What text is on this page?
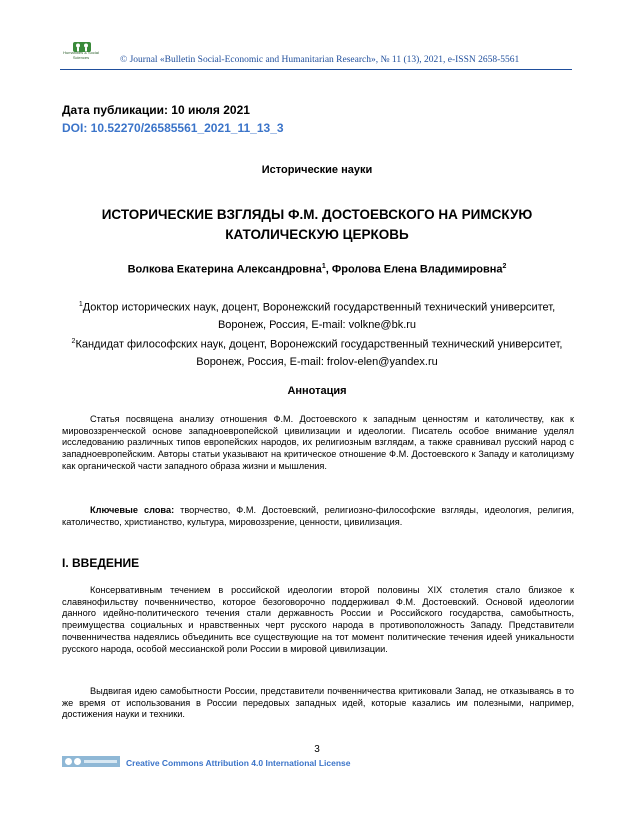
Humanities & Social Sciences	© Journal «Bulletin Social-Economic and Humanitarian Research», № 11 (13), 2021, e-ISSN 2658-5561
Дата публикации: 10 июля 2021
DOI: 10.52270/26585561_2021_11_13_3
Исторические науки
ИСТОРИЧЕСКИЕ ВЗГЛЯДЫ Ф.М. ДОСТОЕВСКОГО НА РИМСКУЮ
КАТОЛИЧЕСКУЮ ЦЕРКОВЬ
Волкова Екатерина Александровна$^1$, Фролова Елена Владимировна$^2$
$^1$Доктор исторических наук, доцент, Воронежский государственный технический университет,
Воронеж, Россия, E-mail: volkne@bk.ru
$^2$Кандидат философских наук, доцент, Воронежский государственный технический университет,
Воронеж, Россия, E-mail: frolov-elen@yandex.ru
Аннотация
Статья посвящена анализу отношения Ф.М. Достоевского к западным ценностям и католичеству, как к мировоззренческой основе западноевропейской цивилизации и идеологии. Писатель особое внимание уделял исследованию различных типов европейских народов, их религиозным взглядам, а также сравнивал русский народ с западноевропейским. Авторы статьи указывают на критическое отношение Ф.М. Достоевского к Западу и католицизму как органической части западного образа жизни и мышления.
Ключевые слова: творчество, Ф.М. Достоевский, религиозно-философские взгляды, идеология, религия, католичество, христианство, культура, мировоззрение, ценности, цивилизация.
I. ВВЕДЕНИЕ
Консервативным течением в российской идеологии второй половины XIX столетия стало близкое к славянофильству почвенничество, которое безоговорочно поддерживал Ф.М. Достоевский. Основой идеологии данного идейно-политического течения стали державность России и Российского государства, самобытность, преимущества социальных и нравственных черт русского народа в противоположность Западу. Представители почвенничества надеялись объединить все существующие на тот момент политические течения идеей уникальности русского народа, особой мессианской роли России в мировой цивилизации.
Выдвигая идею самобытности России, представители почвенничества критиковали Запад, не отказываясь в то же время от использования в России передовых западных идей, которые казались им полезными, например, достижения науки и техники.
3
Creative Commons Attribution 4.0 International License
